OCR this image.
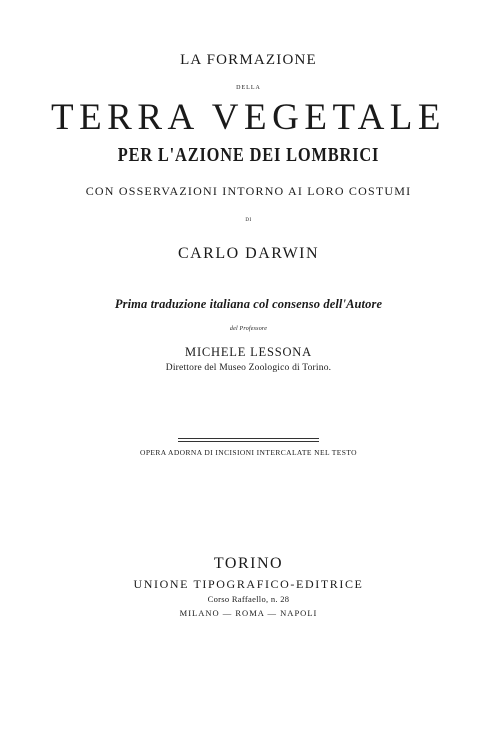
LA FORMAZIONE
DELLA
TERRA VEGETALE
PER L'AZIONE DEI LOMBRICI
CON OSSERVAZIONI INTORNO AI LORO COSTUMI
DI
CARLO DARWIN
Prima traduzione italiana col consenso dell'Autore
del Professore
MICHELE LESSONA
Direttore del Museo Zoologico di Torino.
OPERA ADORNA DI INCISIONI INTERCALATE NEL TESTO
TORINO
UNIONE TIPOGRAFICO-EDITRICE
Corso Raffaello, n. 28
MILANO — ROMA — NAPOLI
